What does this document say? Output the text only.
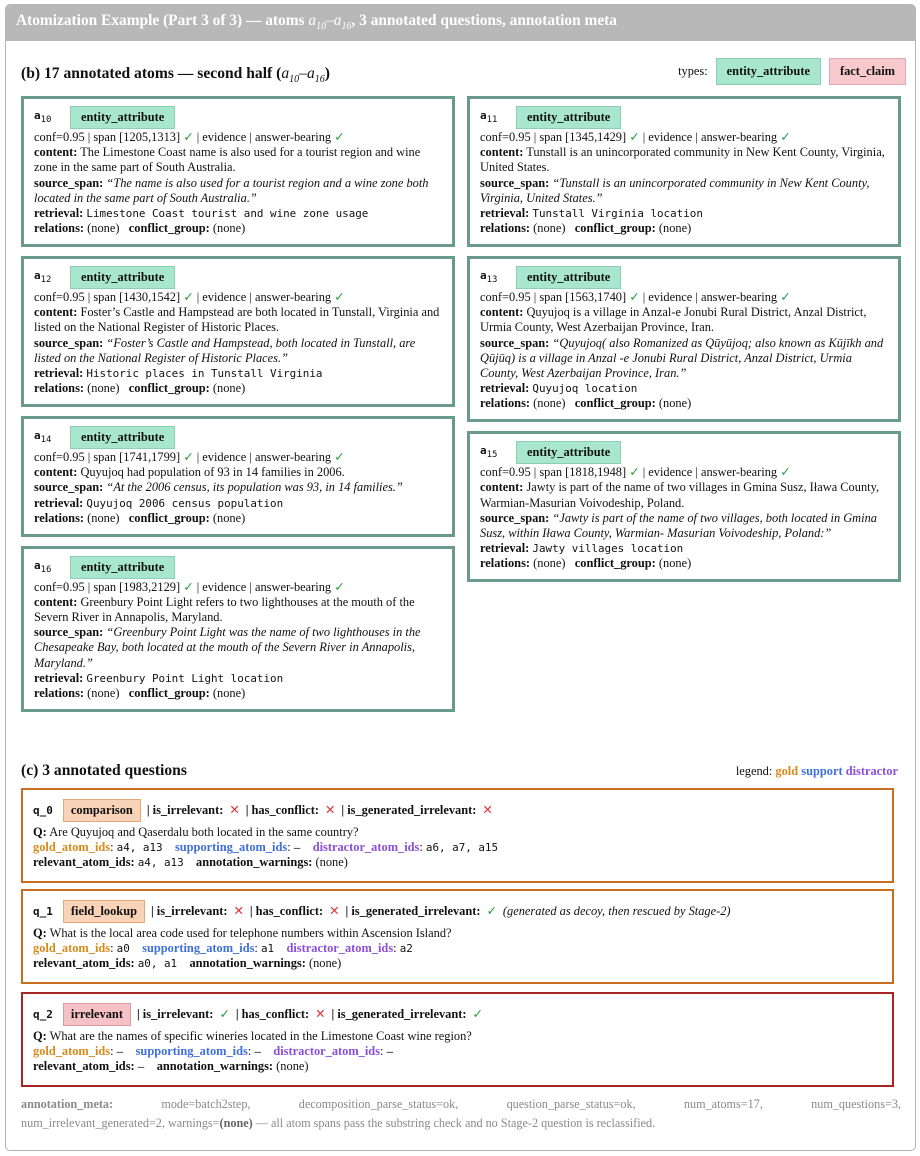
Atomization Example (Part 3 of 3) — atoms $a_{10}-a_{16}$, 3 annotated questions, annotation meta
(b) 17 annotated atoms — second half $(a_{10}-a_{16})$	types:	entity_attribute	fact_claim
$a_{10}$	entity_attribute
conf=0.95 | span [1205,1313] ✓ | evidence | answer-bearing ✓
content: The Limestone Coast name is also used for a tourist region and wine zone in the same part of South Australia.
source_span: “The name is also used for a tourist region and a wine zone both located in the same part of South Australia.”
retrieval: Limestone Coast tourist and wine zone usage
relations: (none) conflict_group: (none)
$a_{12}$	entity_attribute
conf=0.95 | span [1430,1542] ✓ | evidence | answer-bearing ✓
content: Foster’s Castle and Hampstead are both located in Tunstall, Virginia and listed on the National Register of Historic Places.
source_span: “Foster’s Castle and Hampstead, both located in Tunstall, are listed on the National Register of Historic Places.”
retrieval: Historic places in Tunstall Virginia
relations: (none) conflict_group: (none)
$a_{14}$	entity_attribute
conf=0.95 | span [1741,1799] ✓ | evidence | answer-bearing ✓
content: Quyujoq had population of 93 in 14 families in 2006.
source_span: “At the 2006 census, its population was 93, in 14 families.”
retrieval: Quyujoq 2006 census population
relations: (none) conflict_group: (none)
$a_{16}$	entity_attribute
conf=0.95 | span [1983,2129] ✓ | evidence | answer-bearing ✓
content: Greenbury Point Light refers to two lighthouses at the mouth of the Severn River in Annapolis, Maryland.
source_span: “Greenbury Point Light was the name of two lighthouses in the Chesapeake Bay, both located at the mouth of the Severn River in Annapolis, Maryland.”
retrieval: Greenbury Point Light location
relations: (none) conflict_group: (none)
$a_{11}$	entity_attribute
conf=0.95 | span [1345,1429] ✓ | evidence | answer-bearing ✓
content: Tunstall is an unincorporated community in New Kent County, Virginia, United States.
source_span: “Tunstall is an unincorporated community in New Kent County, Virginia, United States.”
retrieval: Tunstall Virginia location
relations: (none) conflict_group: (none)
$a_{13}$	entity_attribute
conf=0.95 | span [1563,1740] ✓ | evidence | answer-bearing ✓
content: Quyujoq is a village in Anzal-e Jonubi Rural District, Anzal District, Urmia County, West Azerbaijan Province, Iran.
source_span: “Quyujoq( also Romanized as Qūyūjoq; also known as Kūjīkh and Qūjūq) is a village in Anzal -e Jonubi Rural District, Anzal District, Urmia County, West Azerbaijan Province, Iran.”
retrieval: Quyujoq location
relations: (none) conflict_group: (none)
$a_{15}$	entity_attribute
conf=0.95 | span [1818,1948] ✓ | evidence | answer-bearing ✓
content: Jawty is part of the name of two villages in Gmina Susz, Iława County, Warmian-Masurian Voivodeship, Poland.
source_span: “Jawty is part of the name of two villages, both located in Gmina Susz, within Iława County, Warmian- Masurian Voivodeship, Poland:”
retrieval: Jawty villages location
relations: (none) conflict_group: (none)
(c) 3 annotated questions	legend: gold support distractor
q_0	comparison	| is_irrelevant: ✕ | has_conflict: ✕ | is_generated_irrelevant: ✕
Q: Are Quyujoq and Qaserdalu both located in the same country?
gold_atom_ids: a4, a13 supporting_atom_ids: — distractor_atom_ids: a6, a7, a15
relevant_atom_ids: a4, a13 annotation_warnings: (none)
q_1	field_lookup	| is_irrelevant: ✕ | has_conflict: ✕ | is_generated_irrelevant: ✓ (generated as decoy, then rescued by Stage-2)
Q: What is the local area code used for telephone numbers within Ascension Island?
gold_atom_ids: a0 supporting_atom_ids: a1 distractor_atom_ids: a2
relevant_atom_ids: a0, a1 annotation_warnings: (none)
q_2	irrelevant	| is_irrelevant: ✓ | has_conflict: ✕ | is_generated_irrelevant: ✓
Q: What are the names of specific wineries located in the Limestone Coast wine region?
gold_atom_ids: — supporting_atom_ids: — distractor_atom_ids: —
relevant_atom_ids: — annotation_warnings: (none)
annotation_meta:	mode=batch2step,	decomposition_parse_status=ok,	question_parse_status=ok,	num_atoms=17,	num_questions=3,
num_irrelevant_generated=2, warnings=(none) — all atom spans pass the substring check and no Stage-2 question is reclassified.
